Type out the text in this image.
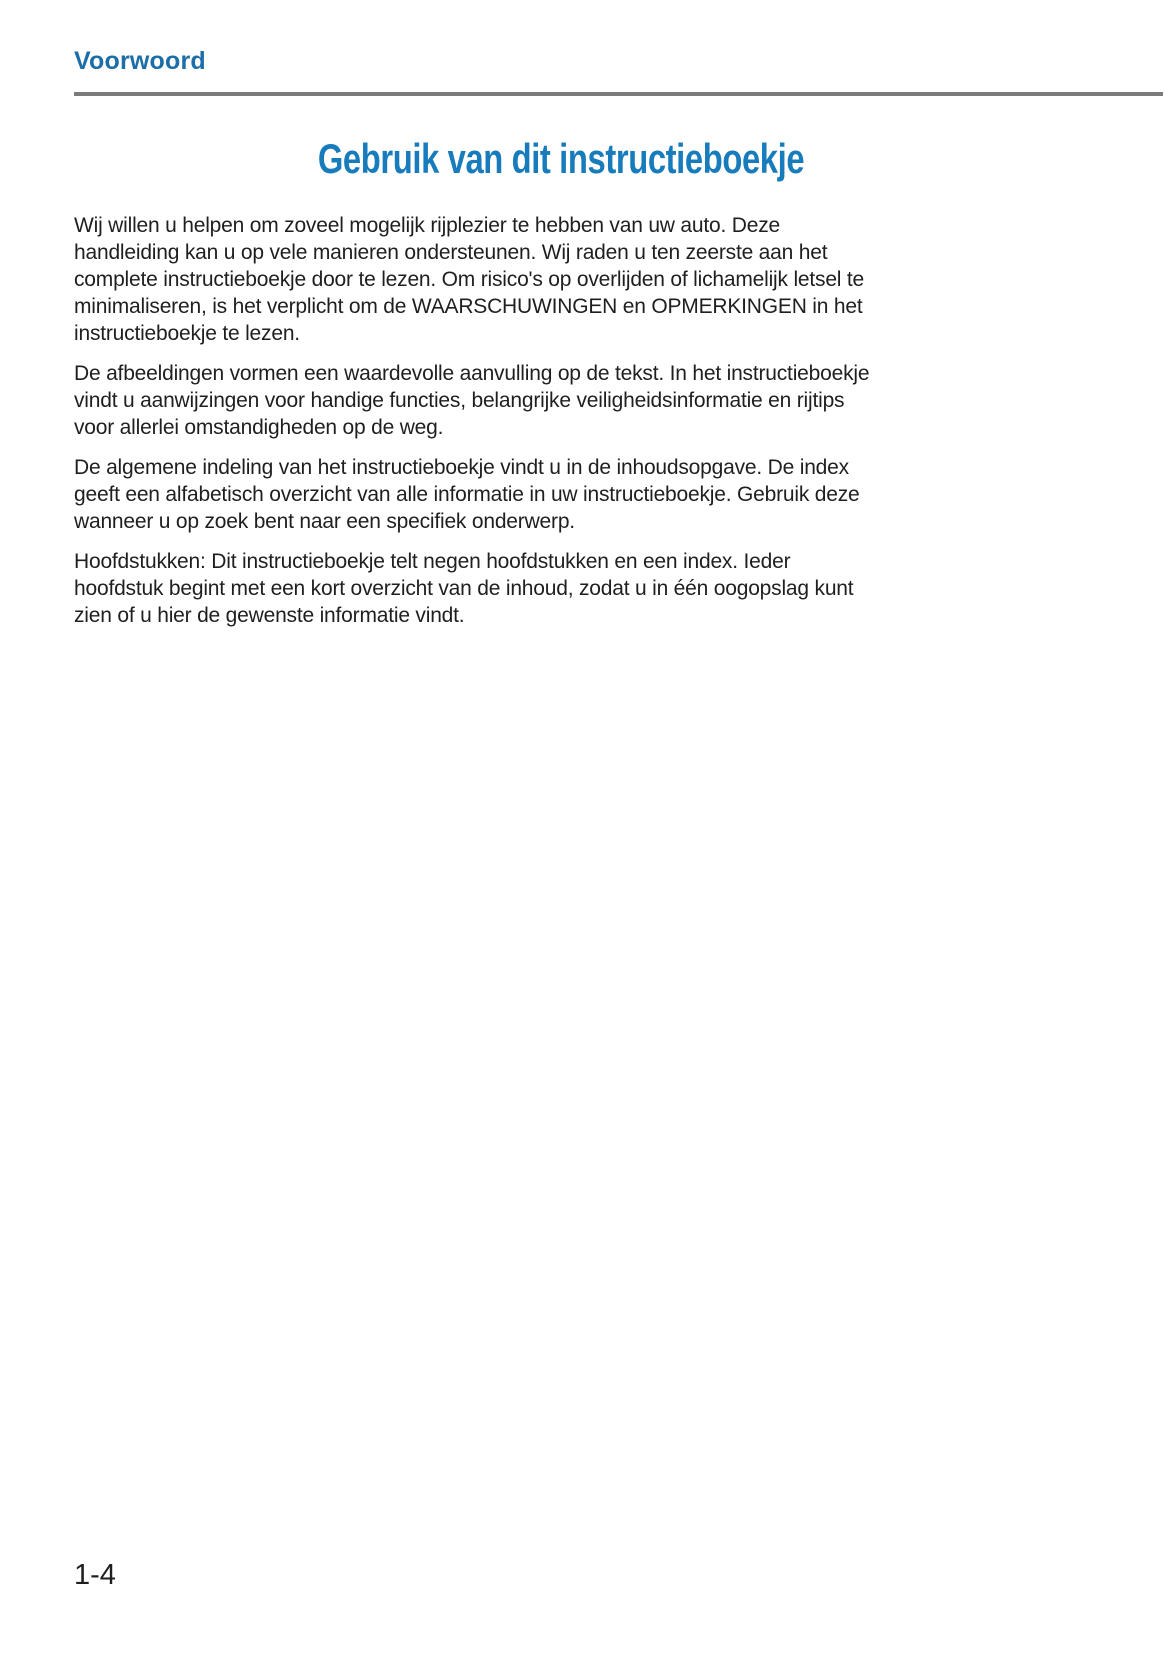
Voorwoord
Gebruik van dit instructieboekje

Wij willen u helpen om zoveel mogelijk rijplezier te hebben van uw auto. Deze
handleiding kan u op vele manieren ondersteunen. Wij raden u ten zeerste aan het
complete instructieboekje door te lezen. Om risico's op overlijden of lichamelijk letsel te
minimaliseren, is het verplicht om de WAARSCHUWINGEN en OPMERKINGEN in het
instructieboekje te lezen.

De afbeeldingen vormen een waardevolle aanvulling op de tekst. In het instructieboekje
vindt u aanwijzingen voor handige functies, belangrijke veiligheidsinformatie en rijtips
voor allerlei omstandigheden op de weg.

De algemene indeling van het instructieboekje vindt u in de inhoudsopgave. De index
geeft een alfabetisch overzicht van alle informatie in uw instructieboekje. Gebruik deze
wanneer u op zoek bent naar een specifiek onderwerp.

Hoofdstukken: Dit instructieboekje telt negen hoofdstukken en een index. Ieder
hoofdstuk begint met een kort overzicht van de inhoud, zodat u in één oogopslag kunt
zien of u hier de gewenste informatie vindt.

1-4
